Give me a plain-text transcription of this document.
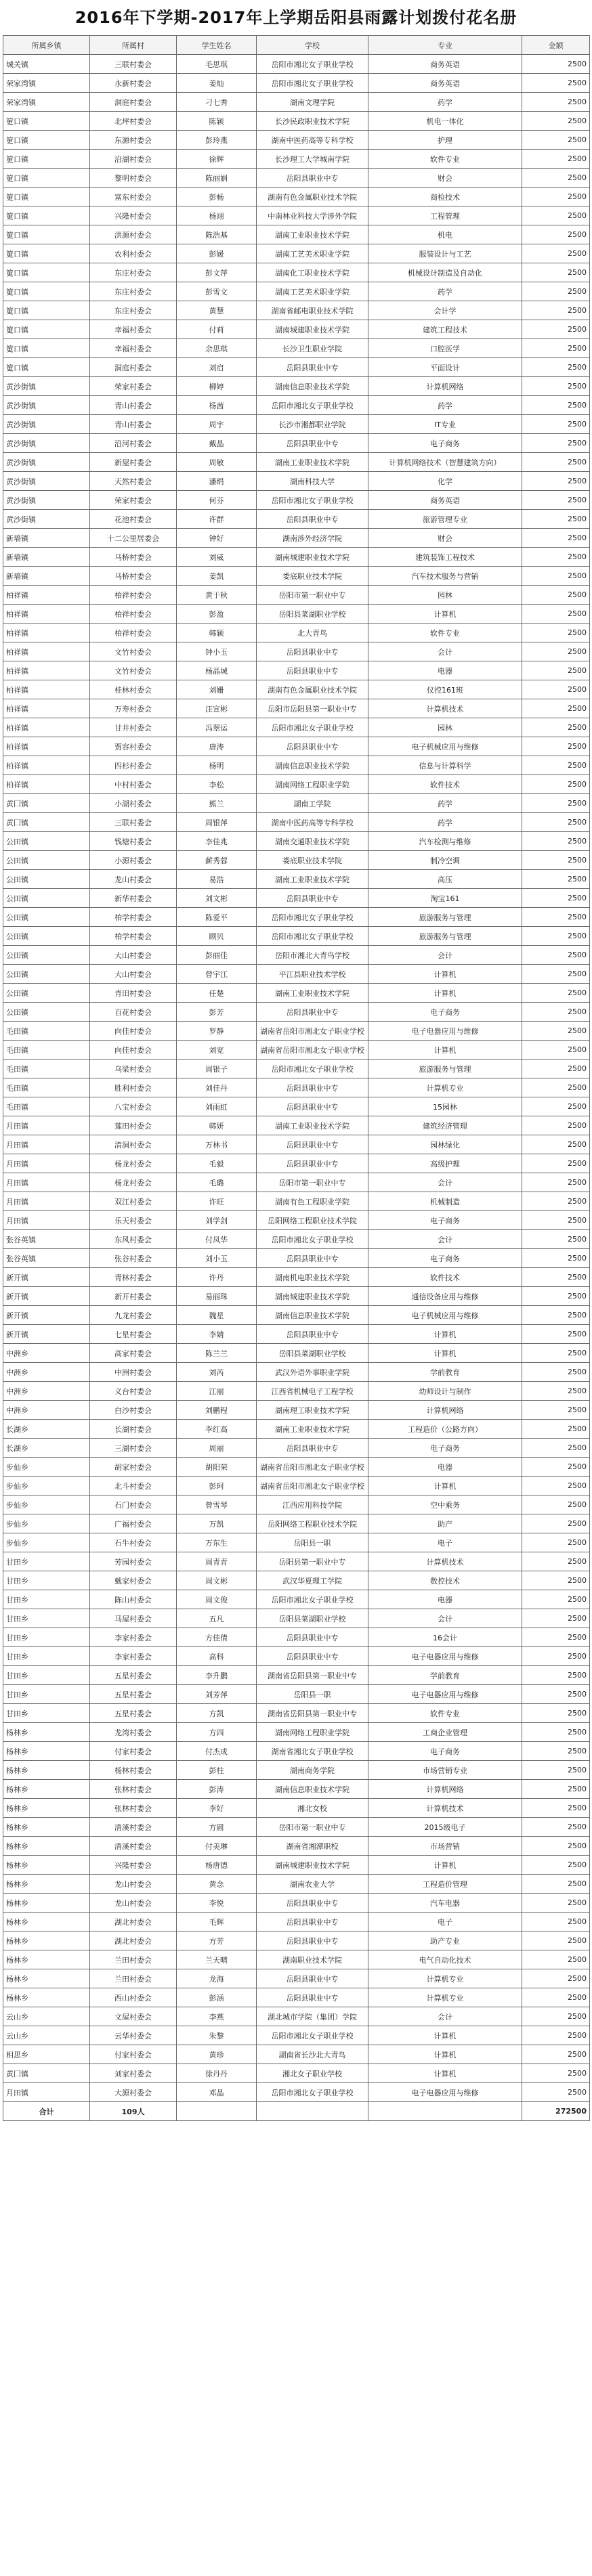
2016年下学期-2017年上学期岳阳县雨露计划拨付花名册
所属乡镇	所属村	学生姓名	学校	专业	金额
城关镇	三联村委会	毛思琪	岳阳市湘北女子职业学校	商务英语	2500
荣家湾镇	永新村委会	姜灿	岳阳市湘北女子职业学校	商务英语	2500
荣家湾镇	洞庭村委会	刁七秀	湖南文理学院	药学	2500
筻口镇	北坪村委会	陈颖	长沙民政职业技术学院	机电一体化	2500
筻口镇	东源村委会	彭玲燕	湖南中医药高等专科学校	护理	2500
筻口镇	沿湖村委会	徐辉	长沙理工大学城南学院	软件专业	2500
筻口镇	黎明村委会	陈丽娟	岳阳县职业中专	财会	2500
筻口镇	富东村委会	彭畅	湖南有色金属职业技术学院	商检技术	2500
筻口镇	兴隆村委会	杨翊	中南林业科技大学涉外学院	工程管理	2500
筻口镇	洪源村委会	陈浩基	湖南工业职业技术学院	机电	2500
筻口镇	农利村委会	彭媛	湖南工艺美术职业学院	服装设计与工艺	2500
筻口镇	东庄村委会	彭文萍	湖南化工职业技术学院	机械设计制造及自动化	2500
筻口镇	东庄村委会	彭雪文	湖南工艺美术职业学院	药学	2500
筻口镇	东庄村委会	黄慧	湖南省邮电职业技术学院	会计学	2500
筻口镇	幸福村委会	付莉	湖南城建职业技术学院	建筑工程技术	2500
筻口镇	幸福村委会	余思琪	长沙卫生职业学院	口腔医学	2500
筻口镇	洞庭村委会	刘启	岳阳县职业中专	平面设计	2500
黄沙街镇	荣家村委会	柳婷	湖南信息职业技术学院	计算机网络	2500
黄沙街镇	青山村委会	杨茜	岳阳市湘北女子职业学校	药学	2500
黄沙街镇	青山村委会	周宇	长沙市湘都职业学院	IT专业	2500
黄沙街镇	沿河村委会	戴晶	岳阳县职业中专	电子商务	2500
黄沙街镇	新屋村委会	周敏	湖南工业职业技术学院	计算机网络技术（智慧建筑方向）	2500
黄沙街镇	天然村委会	潘绢	湖南科技大学	化学	2500
黄沙街镇	荣家村委会	何芬	岳阳市湘北女子职业学校	商务英语	2500
黄沙街镇	花池村委会	许群	岳阳县职业中专	旅游管理专业	2500
新墙镇	十二公里居委会	钟好	湖南涉外经济学院	财会	2500
新墙镇	马桥村委会	刘威	湖南城建职业技术学院	建筑装饰工程技术	2500
新墙镇	马桥村委会	姜凯	娄底职业技术学院	汽车技术服务与营销	2500
柏祥镇	柏祥村委会	黄于秋	岳阳市第一职业中专	园林	2500
柏祥镇	柏祥村委会	彭盈	岳阳县菜湖职业学校	计算机	2500
柏祥镇	柏祥村委会	韩颖	北大青鸟	软件专业	2500
柏祥镇	文竹村委会	钟小玉	岳阳县职业中专	会计	2500
柏祥镇	文竹村委会	杨晶城	岳阳县职业中专	电器	2500
柏祥镇	桂林村委会	刘姗	湖南有色金属职业技术学院	仪控161班	2500
柏祥镇	万寿村委会	汪宣彬	岳阳市岳阳县第一职业中专	计算机技术	2500
柏祥镇	甘井村委会	冯翠运	岳阳市湘北女子职业学校	园林	2500
柏祥镇	贾容村委会	唐涛	岳阳县职业中专	电子机械应用与维修	2500
柏祥镇	四杉村委会	杨明	湖南信息职业技术学院	信息与计算科学	2500
柏祥镇	中村村委会	李松	湖南网络工程职业学院	软件技术	2500
黄囗镇	小湖村委会	熊兰	湖南工学院	药学	2500
黄囗镇	三联村委会	周银萍	湖南中医药高等专科学校	药学	2500
公田镇	钱塘村委会	李佳兆	湖南交通职业技术学院	汽车检测与维修	2500
公田镇	小源村委会	薪秀蓉	娄底职业技术学院	制冷空调	2500
公田镇	龙山村委会	易浩	湖南工业职业技术学院	高压	2500
公田镇	新华村委会	刘文彬	岳阳县职业中专	淘宝161	2500
公田镇	柏学村委会	陈爱平	岳阳市湘北女子职业学校	旅游服务与管理	2500
公田镇	柏学村委会	顾贝	岳阳市湘北女子职业学校	旅游服务与管理	2500
公田镇	大山村委会	彭丽佳	岳阳市湘北大青鸟学校	会计	2500
公田镇	大山村委会	曾宇江	平江县职业技术学校	计算机	2500
公田镇	青田村委会	任楚	湖南工业职业技术学院	计算机	2500
公田镇	百花村委会	彭芳	岳阳县职业中专	电子商务	2500
毛田镇	向佳村委会	罗静	湖南省岳阳市湘北女子职业学校	电子电器应用与维修	2500
毛田镇	向佳村委会	刘宽	湖南省岳阳市湘北女子职业学校	计算机	2500
毛田镇	乌梁村委会	周银子	岳阳市湘北女子职业学校	旅游服务与管理	2500
毛田镇	胜利村委会	刘佳丹	岳阳县职业中专	计算机专业	2500
毛田镇	八宝村委会	刘雨虹	岳阳县职业中专	15园林	2500
月田镇	莲田村委会	韩妍	湖南工业职业技术学院	建筑经济管理	2500
月田镇	清洞村委会	万林书	岳阳县职业中专	园林绿化	2500
月田镇	杨龙村委会	毛毅	岳阳县职业中专	高级护理	2500
月田镇	杨龙村委会	毛璐	岳阳市第一职业中专	会计	2500
月田镇	双江村委会	许旺	湖南有色工程职业学院	机械制造	2500
月田镇	乐天村委会	刘学剑	岳阳网络工程职业技术学院	电子商务	2500
张谷英镇	东风村委会	付凤华	岳阳市湘北女子职业学校	会计	2500
张谷英镇	张谷村委会	刘小玉	岳阳县职业中专	电子商务	2500
新开镇	青林村委会	许丹	湖南机电职业技术学院	软件技术	2500
新开镇	新开村委会	易丽珠	湖南城建职业技术学院	通信设备应用与维修	2500
新开镇	九龙村委会	魏星	湖南信息职业技术学院	电子机械应用与维修	2500
新开镇	七星村委会	李婧	岳阳县职业中专	计算机	2500
中洲乡	高家村委会	陈兰兰	岳阳县菜湖职业学校	计算机	2500
中洲乡	中洲村委会	刘芮	武汉外语外事职业学院	学前教育	2500
中洲乡	义台村委会	江丽	江西省机械电子工程学校	幼师设计与制作	2500
中洲乡	白沙村委会	刘鹏程	湖南理工职业技术学院	计算机网络	2500
长湖乡	长湖村委会	李红高	湖南工业职业技术学院	工程造价（公路方向）	2500
长湖乡	三湖村委会	周丽	岳阳县职业中专	电子商务	2500
步仙乡	胡家村委会	胡阳荣	湖南省岳阳市湘北女子职业学校	电器	2500
步仙乡	北斗村委会	彭珂	湖南省岳阳市湘北女子职业学校	计算机	2500
步仙乡	石门村委会	曾雪琴	江西应用科技学院	空中乘务	2500
步仙乡	广福村委会	万凯	岳阳网络工程职业技术学院	助产	2500
步仙乡	石牛村委会	万东生	岳阳县一职	电子	2500
甘田乡	芳园村委会	周青青	岳阳县第一职业中专	计算机技术	2500
甘田乡	戴家村委会	周文彬	武汉华夏理工学院	数控技术	2500
甘田乡	陈山村委会	周文俊	岳阳市湘北女子职业学校	电器	2500
甘田乡	马屋村委会	五凡	岳阳县菜湖职业学校	会计	2500
甘田乡	李家村委会	方佳倩	岳阳县职业中专	16会计	2500
甘田乡	李家村委会	高科	岳阳县职业中专	电子电器应用与维修	2500
甘田乡	五星村委会	李升鹏	湖南省岳阳县第一职业中专	学前教育	2500
甘田乡	五星村委会	刘芳萍	岳阳县一职	电子电器应用与维修	2500
甘田乡	五星村委会	方凯	湖南省岳阳县第一职业中专	软件专业	2500
杨林乡	龙湾村委会	方四	湖南网络工程职业学院	工商企业管理	2500
杨林乡	付家村委会	付杰成	湖南省湘北女子职业学校	电子商务	2500
杨林乡	杨林村委会	彭柱	湖南商务学院	市场营销专业	2500
杨林乡	张林村委会	彭涛	湖南信息职业技术学院	计算机网络	2500
杨林乡	张林村委会	李好	湘北女校	计算机技术	2500
杨林乡	清溪村委会	方圆	岳阳市第一职业中专	2015级电子	2500
杨林乡	清溪村委会	付美琳	湖南省湘潭职校	市场营销	2500
杨林乡	兴隆村委会	杨唐德	湖南城建职业技术学院	计算机	2500
杨林乡	龙山村委会	黄念	湖南农业大学	工程造价管理	2500
杨林乡	龙山村委会	李悦	岳阳县职业中专	汽车电器	2500
杨林乡	湖北村委会	毛辉	岳阳县职业中专	电子	2500
杨林乡	湖北村委会	方芳	岳阳县职业中专	助产专业	2500
杨林乡	兰田村委会	兰天晴	湖南职业技术学院	电气自动化技术	2500
杨林乡	兰田村委会	龙海	岳阳县职业中专	计算机专业	2500
杨林乡	西山村委会	彭涵	岳阳县职业中专	计算机专业	2500
云山乡	文屋村委会	李燕	湖北城市学院（集团）学院	会计	2500
云山乡	云华村委会	朱黎	岳阳市湘北女子职业学校	计算机	2500
相思乡	付家村委会	黄珍	湖南省长沙北大青鸟	计算机	2500
黄囗镇	刘家村委会	徐丹丹	湘北女子职业学校	计算机	2500
月田镇	大源村委会	邓晶	岳阳市湘北女子职业学校	电子电器应用与维修	2500
合计	109人				272500
